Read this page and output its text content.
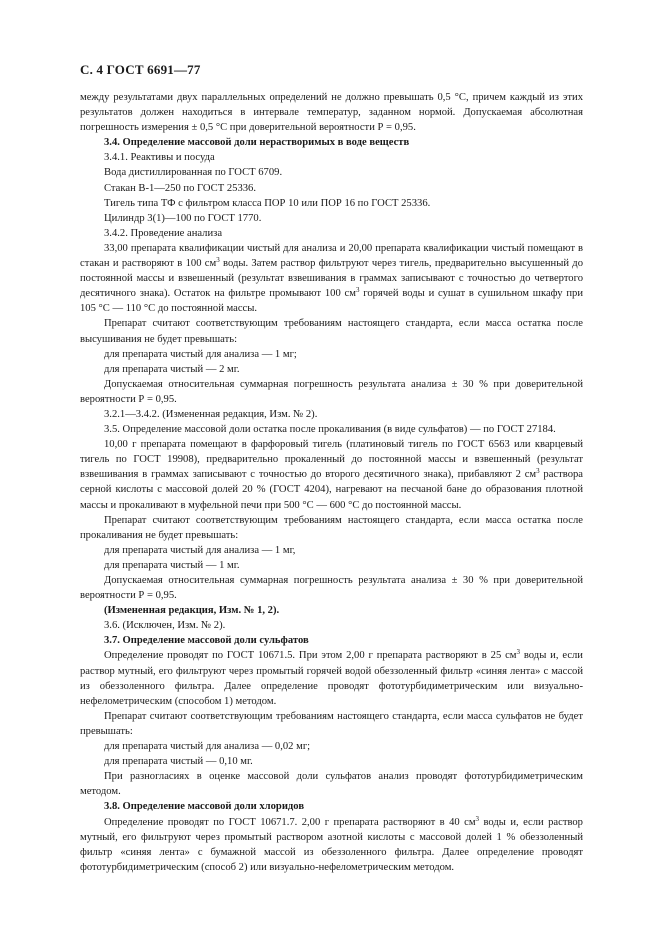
С. 4 ГОСТ 6691—77

между результатами двух параллельных определений не должно превышать 0,5 °С, причем каждый из этих результатов должен находиться в интервале температур, заданном нормой. Допускаемая абсолютная погрешность измерения ± 0,5 °С при доверительной вероятности Р = 0,95.

3.4. Определение массовой доли нерастворимых в воде веществ

3.4.1. Реактивы и посуда

Вода дистиллированная по ГОСТ 6709.

Стакан В-1—250 по ГОСТ 25336.

Тигель типа ТФ с фильтром класса ПОР 10 или ПОР 16 по ГОСТ 25336.

Цилиндр 3(1)—100 по ГОСТ 1770.

3.4.2. Проведение анализа

33,00 препарата квалификации чистый для анализа и 20,00 препарата квалификации чистый помещают в стакан и растворяют в 100 $см^3$ воды. Затем раствор фильтруют через тигель, предварительно высушенный до постоянной массы и взвешенный (результат взвешивания в граммах записывают с точностью до четвертого десятичного знака). Остаток на фильтре промывают 100 $см^3$ горячей воды и сушат в сушильном шкафу при 105 °С — 110 °С до постоянной массы.

Препарат считают соответствующим требованиям настоящего стандарта, если масса остатка после высушивания не будет превышать:

для препарата чистый для анализа — 1 мг;

для препарата чистый — 2 мг.

Допускаемая относительная суммарная погрешность результата анализа ± 30 % при доверительной вероятности Р = 0,95.

3.2.1—3.4.2. (Измененная редакция, Изм. № 2).

3.5. Определение массовой доли остатка после прокаливания (в виде сульфатов) — по ГОСТ 27184.

10,00 г препарата помещают в фарфоровый тигель (платиновый тигель по ГОСТ 6563 или кварцевый тигель по ГОСТ 19908), предварительно прокаленный до постоянной массы и взвешенный (результат взвешивания в граммах записывают с точностью до второго десятичного знака), прибавляют 2 $см^3$ раствора серной кислоты с массовой долей 20 % (ГОСТ 4204), нагревают на песчаной бане до образования плотной массы и прокаливают в муфельной печи при 500 °С — 600 °С до постоянной массы.

Препарат считают соответствующим требованиям настоящего стандарта, если масса остатка после прокаливания не будет превышать:

для препарата чистый для анализа — 1 мг,

для препарата чистый — 1 мг.

Допускаемая относительная суммарная погрешность результата анализа ± 30 % при доверительной вероятности Р = 0,95.

(Измененная редакция, Изм. № 1, 2).

3.6. (Исключен, Изм. № 2).

3.7. Определение массовой доли сульфатов

Определение проводят по ГОСТ 10671.5. При этом 2,00 г препарата растворяют в 25 $см^3$ воды и, если раствор мутный, его фильтруют через промытый горячей водой обеззоленный фильтр «синяя лента» с массой из обеззоленного фильтра. Далее определение проводят фототурбидиметрическим или визуально-нефелометрическим (способом 1) методом.

Препарат считают соответствующим требованиям настоящего стандарта, если масса сульфатов не будет превышать:

для препарата чистый для анализа — 0,02 мг;

для препарата чистый — 0,10 мг.

При разногласиях в оценке массовой доли сульфатов анализ проводят фототурбидиметрическим методом.

3.8. Определение массовой доли хлоридов

Определение проводят по ГОСТ 10671.7. 2,00 г препарата растворяют в 40 $см^3$ воды и, если раствор мутный, его фильтруют через промытый раствором азотной кислоты с массовой долей 1 % обеззоленный фильтр «синяя лента» с бумажной массой из обеззоленного фильтра. Далее определение проводят фототурбидиметрическим (способ 2) или визуально-нефелометрическим методом.
